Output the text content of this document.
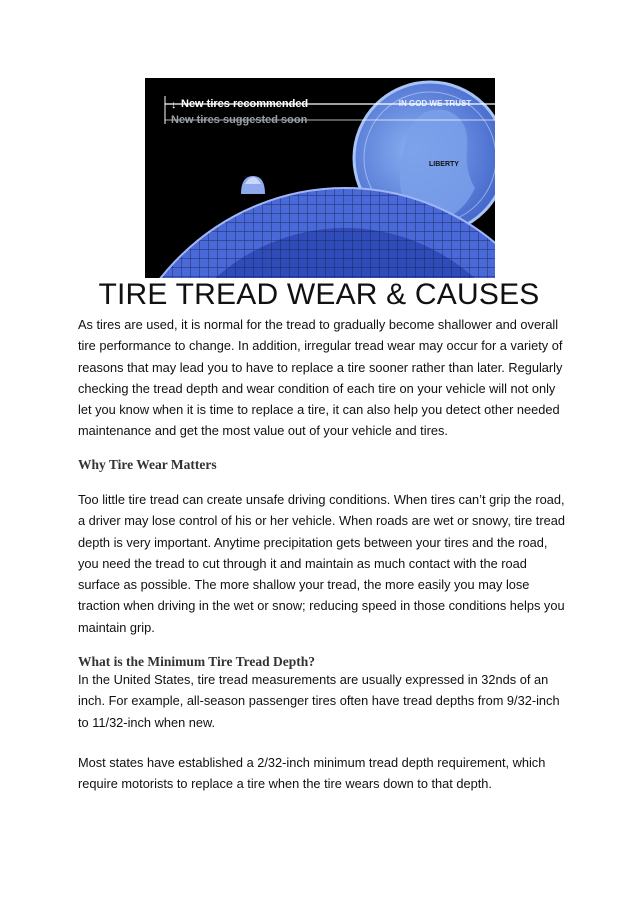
LIBERTY
IN GOD WE TRUST
↓ New tires recommended
New tires suggested soon
TIRE TREAD WEAR & CAUSES
As tires are used, it is normal for the tread to gradually become shallower and overall tire performance to change. In addition, irregular tread wear may occur for a variety of reasons that may lead you to have to replace a tire sooner rather than later. Regularly checking the tread depth and wear condition of each tire on your vehicle will not only let you know when it is time to replace a tire, it can also help you detect other needed maintenance and get the most value out of your vehicle and tires.
Why Tire Wear Matters
Too little tire tread can create unsafe driving conditions. When tires can’t grip the road, a driver may lose control of his or her vehicle. When roads are wet or snowy, tire tread depth is very important. Anytime precipitation gets between your tires and the road, you need the tread to cut through it and maintain as much contact with the road surface as possible. The more shallow your tread, the more easily you may lose traction when driving in the wet or snow; reducing speed in those conditions helps you maintain grip.
What is the Minimum Tire Tread Depth?
In the United States, tire tread measurements are usually expressed in 32nds of an inch. For example, all-season passenger tires often have tread depths from 9/32-inch to 11/32-inch when new.
Most states have established a 2/32-inch minimum tread depth requirement, which require motorists to replace a tire when the tire wears down to that depth.
